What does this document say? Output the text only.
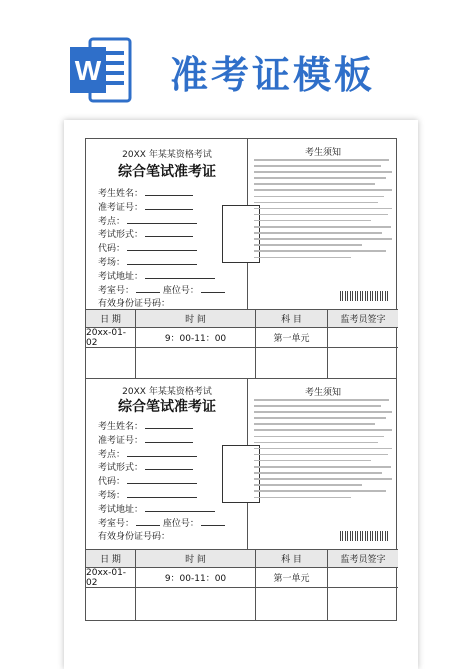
W 准考证模板
20XX 年某某资格考试
综合笔试准考证
考生姓名：
准考证号：
考点：
考试形式：
代码：
考场：
考试地址：
考室号：	座位号：
有效身份证号码：
考生须知
日 期	时 间	科 目	监考员签字
20xx-01-02	9：00-11：00	第一单元
20XX 年某某资格考试
综合笔试准考证
考生姓名：
准考证号：
考点：
考试形式：
代码：
考场：
考试地址：
考室号：	座位号：
有效身份证号码：
考生须知
日 期	时 间	科 目	监考员签字
20xx-01-02	9：00-11：00	第一单元
